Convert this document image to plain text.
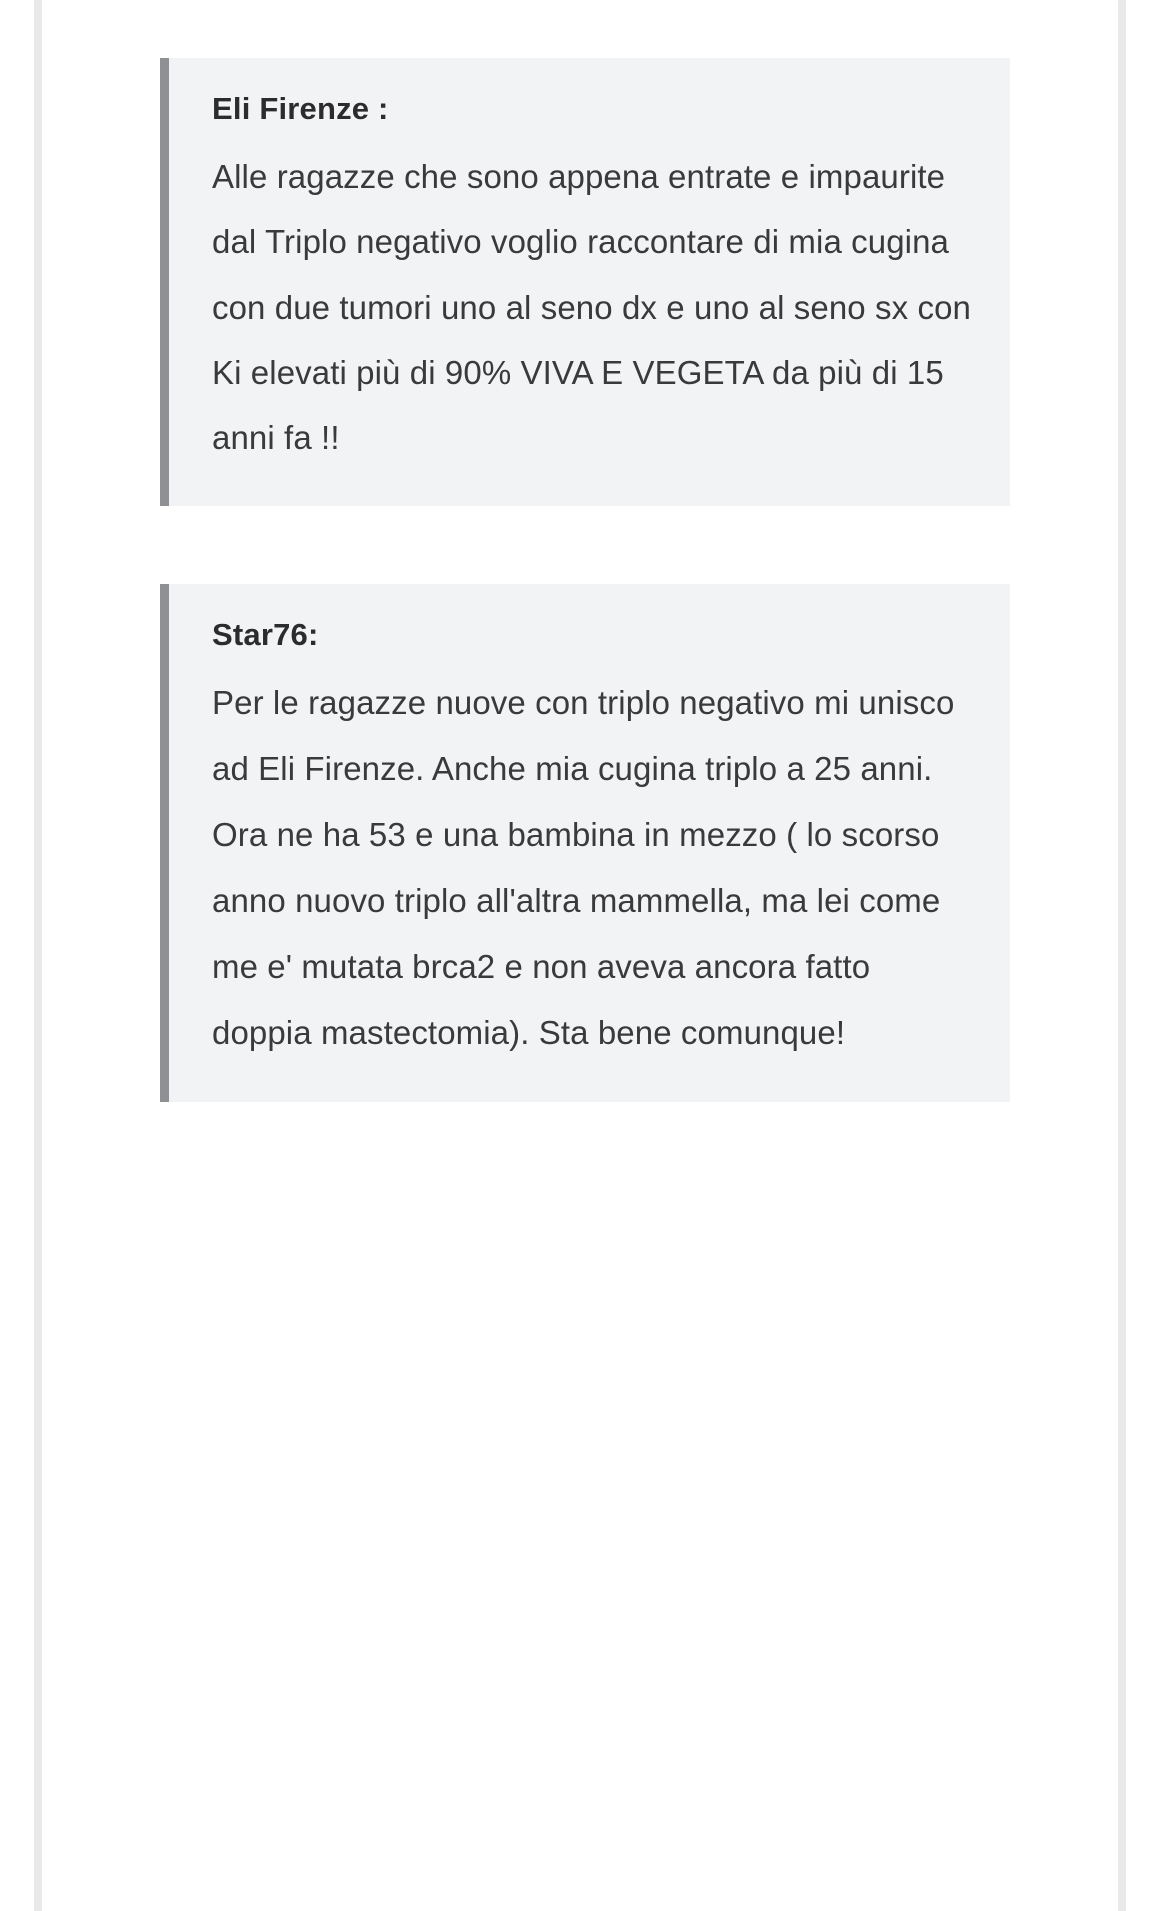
Eli Firenze :

Alle ragazze che sono appena entrate e impaurite dal Triplo negativo voglio raccontare di mia cugina con due tumori uno al seno dx e uno al seno sx con Ki elevati più di 90% VIVA E VEGETA da più di 15 anni fa !!

Star76:

Per le ragazze nuove con triplo negativo mi unisco ad Eli Firenze. Anche mia cugina triplo a 25 anni. Ora ne ha 53 e una bambina in mezzo ( lo scorso anno nuovo triplo all'altra mammella, ma lei come me e' mutata brca2 e non aveva ancora fatto doppia mastectomia). Sta bene comunque!
